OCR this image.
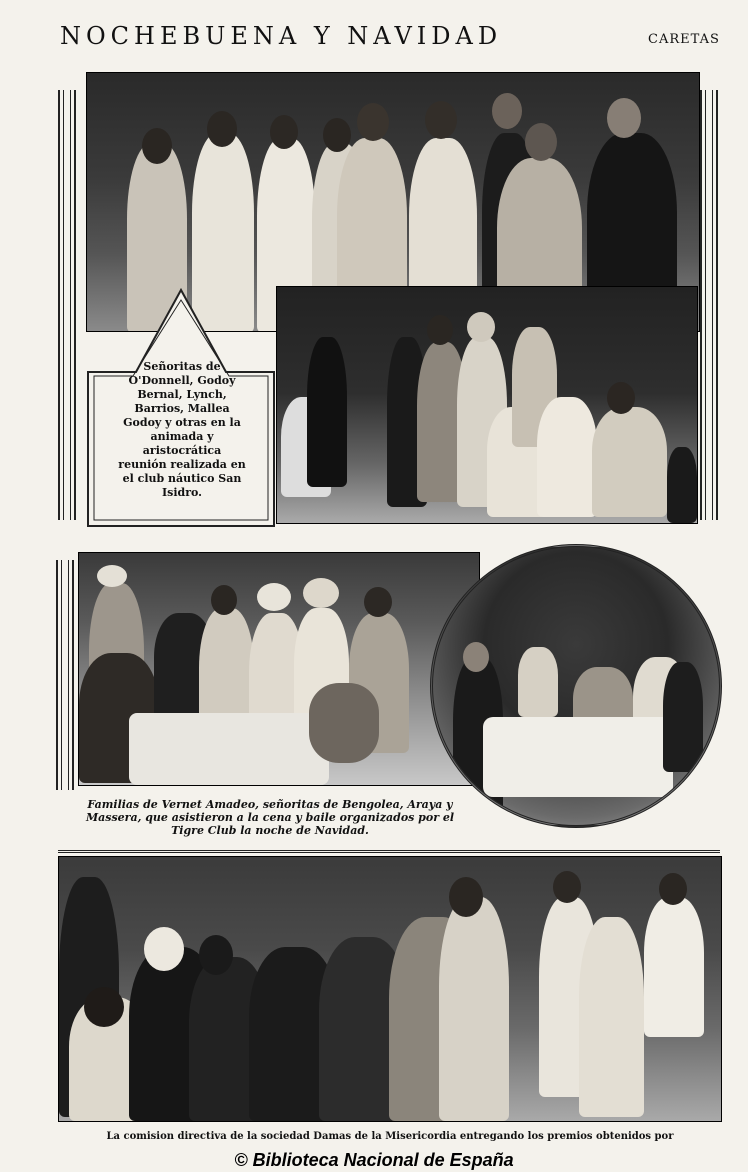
NOCHEBUENA Y NAVIDAD	CARETAS
Señoritas de O'Donnell, Godoy Bernal, Lynch, Barrios, Mallea Godoy y otras en la animada y aristocrática reunión realizada en el club náutico San Isidro.
Familias de Vernet Amadeo, señoritas de Bengolea, Araya y Massera, que asistieron a la cena y baile organizados por el Tigre Club la noche de Navidad.
La comision directiva de la sociedad Damas de la Misericordia entregando los premios obtenidos por
© Biblioteca Nacional de España
